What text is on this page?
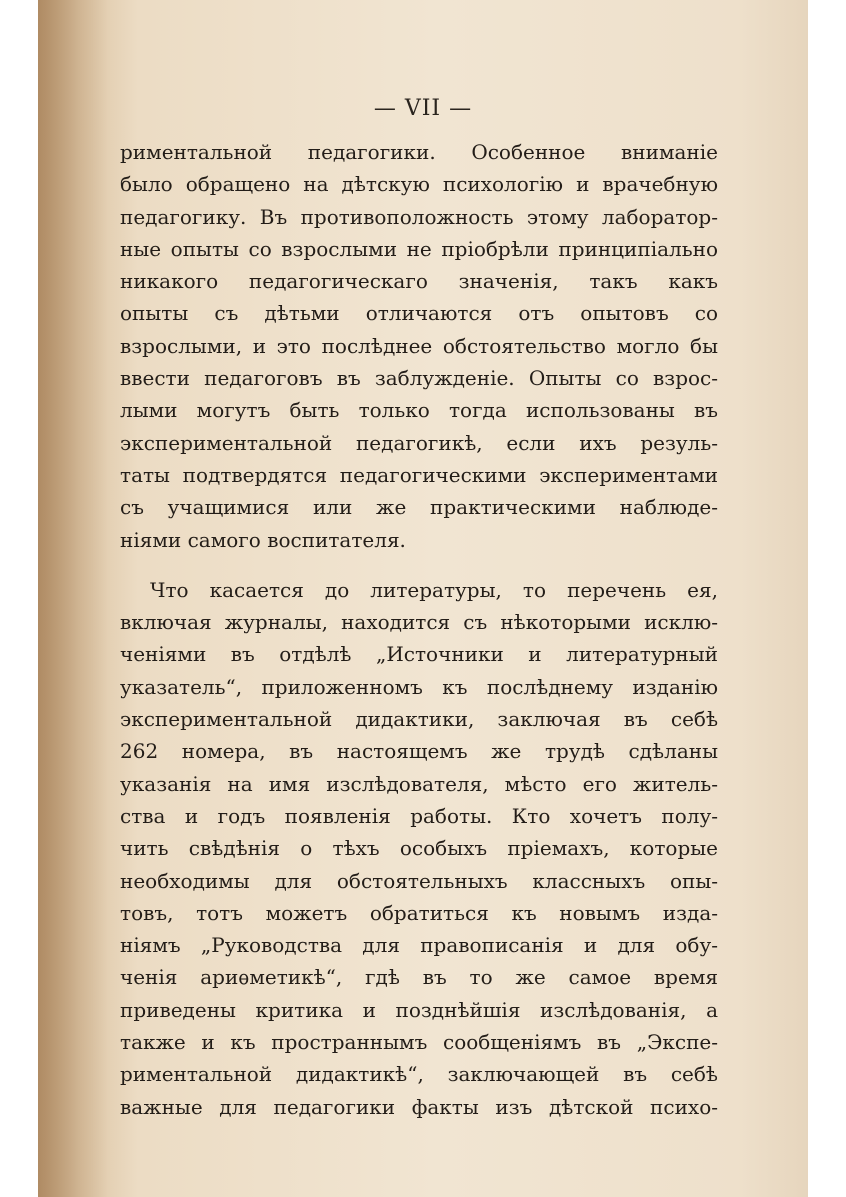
— VII —
риментальной педагогики. Особенное вниманіе
было обращено на дѣтскую психологію и врачебную
педагогику. Въ противоположность этому лаборатор-
ные опыты со взрослыми не пріобрѣли принципіально
никакого педагогическаго значенія, такъ какъ
опыты съ дѣтьми отличаются отъ опытовъ со
взрослыми, и это послѣднее обстоятельство могло бы
ввести педагоговъ въ заблужденіе. Опыты со взрос-
лыми могутъ быть только тогда использованы въ
экспериментальной педагогикѣ, если ихъ резуль-
таты подтвердятся педагогическими экспериментами
съ учащимися или же практическими наблюде-
ніями самого воспитателя.
Что касается до литературы, то перечень ея,
включая журналы, находится съ нѣкоторыми исклю-
ченіями въ отдѣлѣ „Источники и литературный
указатель“, приложенномъ къ послѣднему изданію
экспериментальной дидактики, заключая въ себѣ
262 номера, въ настоящемъ же трудѣ сдѣланы
указанія на имя изслѣдователя, мѣсто его житель-
ства и годъ появленія работы. Кто хочетъ полу-
чить свѣдѣнія о тѣхъ особыхъ пріемахъ, которые
необходимы для обстоятельныхъ классныхъ опы-
товъ, тотъ можетъ обратиться къ новымъ изда-
ніямъ „Руководства для правописанія и для обу-
ченія ариѳметикѣ“, гдѣ въ то же самое время
приведены критика и позднѣйшія изслѣдованія, а
также и къ пространнымъ сообщеніямъ въ „Экспе-
риментальной дидактикѣ“, заключающей въ себѣ
важные для педагогики факты изъ дѣтской психо-
